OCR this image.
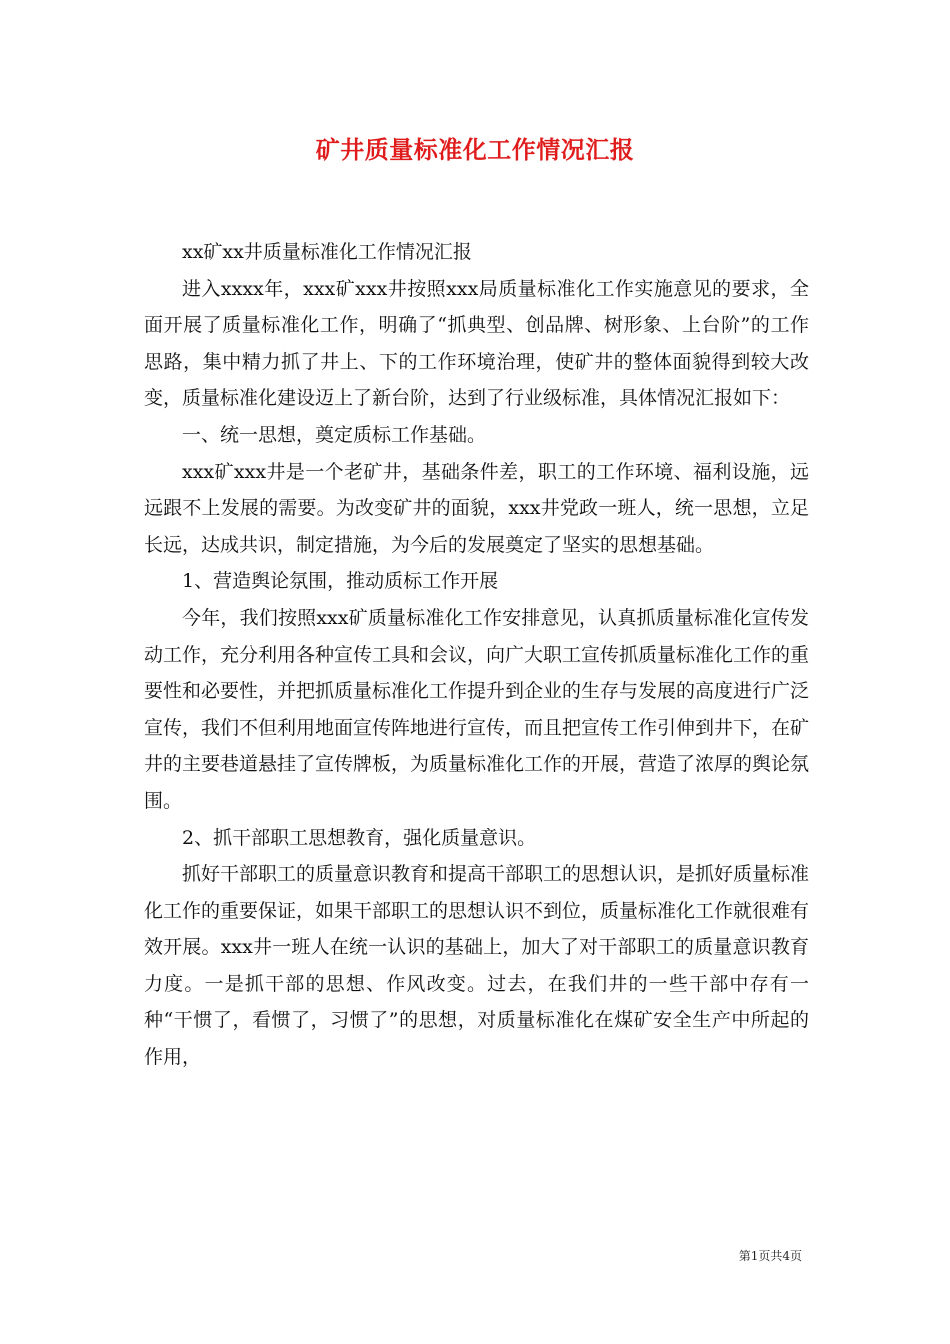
矿井质量标准化工作情况汇报

xx矿xx井质量标准化工作情况汇报

进入xxxx年，xxx矿xxx井按照xxx局质量标准化工作实施意见的要求，全面开展了质量标准化工作，明确了“抓典型、创品牌、树形象、上台阶”的工作思路，集中精力抓了井上、下的工作环境治理，使矿井的整体面貌得到较大改变，质量标准化建设迈上了新台阶，达到了行业级标准，具体情况汇报如下：

一、统一思想，奠定质标工作基础。

xxx矿xxx井是一个老矿井，基础条件差，职工的工作环境、福利设施，远远跟不上发展的需要。为改变矿井的面貌，xxx井党政一班人，统一思想，立足长远，达成共识，制定措施，为今后的发展奠定了坚实的思想基础。

1、营造舆论氛围，推动质标工作开展

今年，我们按照xxx矿质量标准化工作安排意见，认真抓质量标准化宣传发动工作，充分利用各种宣传工具和会议，向广大职工宣传抓质量标准化工作的重要性和必要性，并把抓质量标准化工作提升到企业的生存与发展的高度进行广泛宣传，我们不但利用地面宣传阵地进行宣传，而且把宣传工作引伸到井下，在矿井的主要巷道悬挂了宣传牌板，为质量标准化工作的开展，营造了浓厚的舆论氛围。

2、抓干部职工思想教育，强化质量意识。

抓好干部职工的质量意识教育和提高干部职工的思想认识，是抓好质量标准化工作的重要保证，如果干部职工的思想认识不到位，质量标准化工作就很难有效开展。xxx井一班人在统一认识的基础上，加大了对干部职工的质量意识教育力度。一是抓干部的思想、作风改变。过去，在我们井的一些干部中存有一种“干惯了，看惯了，习惯了”的思想，对质量标准化在煤矿安全生产中所起的作用，

第1页共4页
